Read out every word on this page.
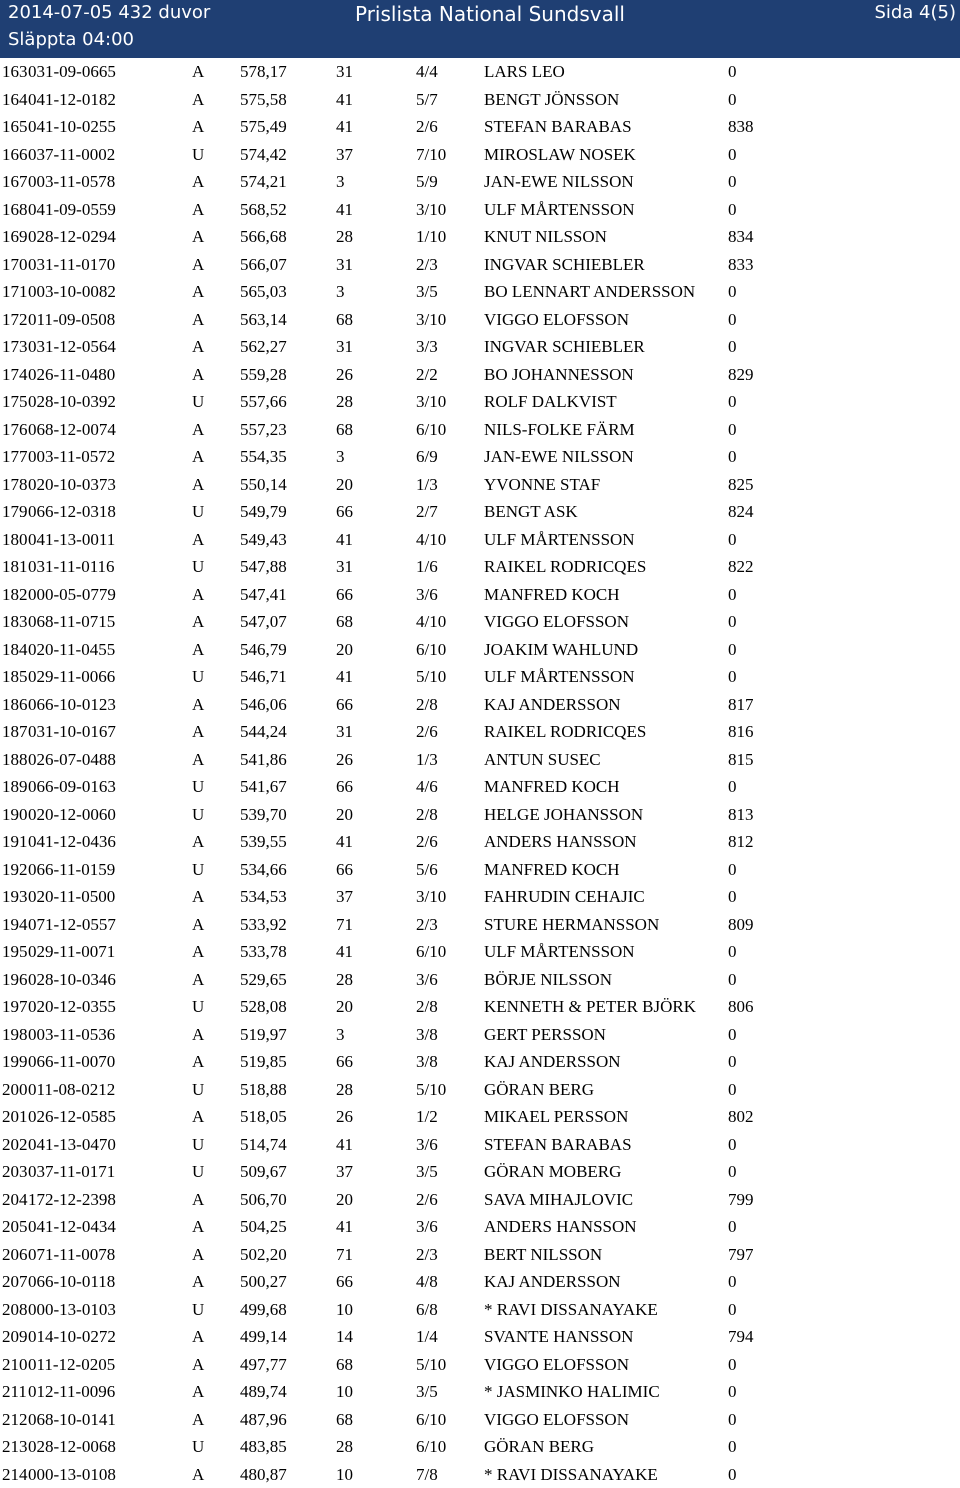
2014-07-05 432 duvor
Släppta 04:00
Prislista National Sundsvall	Sida 4(5)
163 031-09-0665	A 578,17	31	4/4	LARS LEO	0
164 041-12-0182	A 575,58	41	5/7	BENGT JÖNSSON	0
165 041-10-0255	A 575,49	41	2/6	STEFAN BARABAS	838
166 037-11-0002	U 574,42	37	7/10 MIROSLAW NOSEK	0
167 003-11-0578	A 574,21	3	5/9	JAN-EWE NILSSON	0
168 041-09-0559	A 568,52	41	3/10 ULF MÅRTENSSON	0
169 028-12-0294	A 566,68	28	1/10 KNUT NILSSON	834
170 031-11-0170	A 566,07	31	2/3	INGVAR SCHIEBLER	833
171 003-10-0082	A 565,03	3	3/5	BO LENNART ANDERSSON 0
172 011-09-0508	A 563,14	68	3/10 VIGGO ELOFSSON	0
173 031-12-0564	A 562,27	31	3/3	INGVAR SCHIEBLER	0
174 026-11-0480	A 559,28	26	2/2	BO JOHANNESSON	829
175 028-10-0392	U 557,66	28	3/10 ROLF DALKVIST	0
176 068-12-0074	A 557,23	68	6/10 NILS-FOLKE FÄRM	0
177 003-11-0572	A 554,35	3	6/9	JAN-EWE NILSSON	0
178 020-10-0373	A 550,14	20	1/3	YVONNE STAF	825
179 066-12-0318	U 549,79	66	2/7	BENGT ASK	824
180 041-13-0011	A 549,43	41	4/10 ULF MÅRTENSSON	0
181 031-11-0116	U 547,88	31	1/6	RAIKEL RODRICQES	822
182 000-05-0779	A 547,41	66	3/6	MANFRED KOCH	0
183 068-11-0715	A 547,07	68	4/10 VIGGO ELOFSSON	0
184 020-11-0455	A 546,79	20	6/10 JOAKIM WAHLUND	0
185 029-11-0066	U 546,71	41	5/10 ULF MÅRTENSSON	0
186 066-10-0123	A 546,06	66	2/8	KAJ ANDERSSON	817
187 031-10-0167	A 544,24	31	2/6	RAIKEL RODRICQES	816
188 026-07-0488	A 541,86	26	1/3	ANTUN SUSEC	815
189 066-09-0163	U 541,67	66	4/6	MANFRED KOCH	0
190 020-12-0060	U 539,70	20	2/8	HELGE JOHANSSON	813
191 041-12-0436	A 539,55	41	2/6	ANDERS HANSSON	812
192 066-11-0159	U 534,66	66	5/6	MANFRED KOCH	0
193 020-11-0500	A 534,53	37	3/10 FAHRUDIN CEHAJIC	0
194 071-12-0557	A 533,92	71	2/3	STURE HERMANSSON	809
195 029-11-0071	A 533,78	41	6/10 ULF MÅRTENSSON	0
196 028-10-0346	A 529,65	28	3/6	BÖRJE NILSSON	0
197 020-12-0355	U 528,08	20	2/8	KENNETH & PETER BJÖRK 806
198 003-11-0536	A 519,97	3	3/8	GERT PERSSON	0
199 066-11-0070	A 519,85	66	3/8	KAJ ANDERSSON	0
200 011-08-0212	U 518,88	28	5/10 GÖRAN BERG	0
201 026-12-0585	A 518,05	26	1/2	MIKAEL PERSSON	802
202 041-13-0470	U 514,74	41	3/6	STEFAN BARABAS	0
203 037-11-0171	U 509,67	37	3/5	GÖRAN MOBERG	0
204 172-12-2398	A 506,70	20	2/6	SAVA MIHAJLOVIC	799
205 041-12-0434	A 504,25	41	3/6	ANDERS HANSSON	0
206 071-11-0078	A 502,20	71	2/3	BERT NILSSON	797
207 066-10-0118	A 500,27	66	4/8	KAJ ANDERSSON	0
208 000-13-0103	U 499,68	10	6/8	* RAVI DISSANAYAKE	0
209 014-10-0272	A 499,14	14	1/4	SVANTE HANSSON	794
210 011-12-0205	A 497,77	68	5/10 VIGGO ELOFSSON	0
211 012-11-0096	A 489,74	10	3/5	* JASMINKO HALIMIC	0
212 068-10-0141	A 487,96	68	6/10 VIGGO ELOFSSON	0
213 028-12-0068	U 483,85	28	6/10 GÖRAN BERG	0
214 000-13-0108	A 480,87	10	7/8	* RAVI DISSANAYAKE	0
